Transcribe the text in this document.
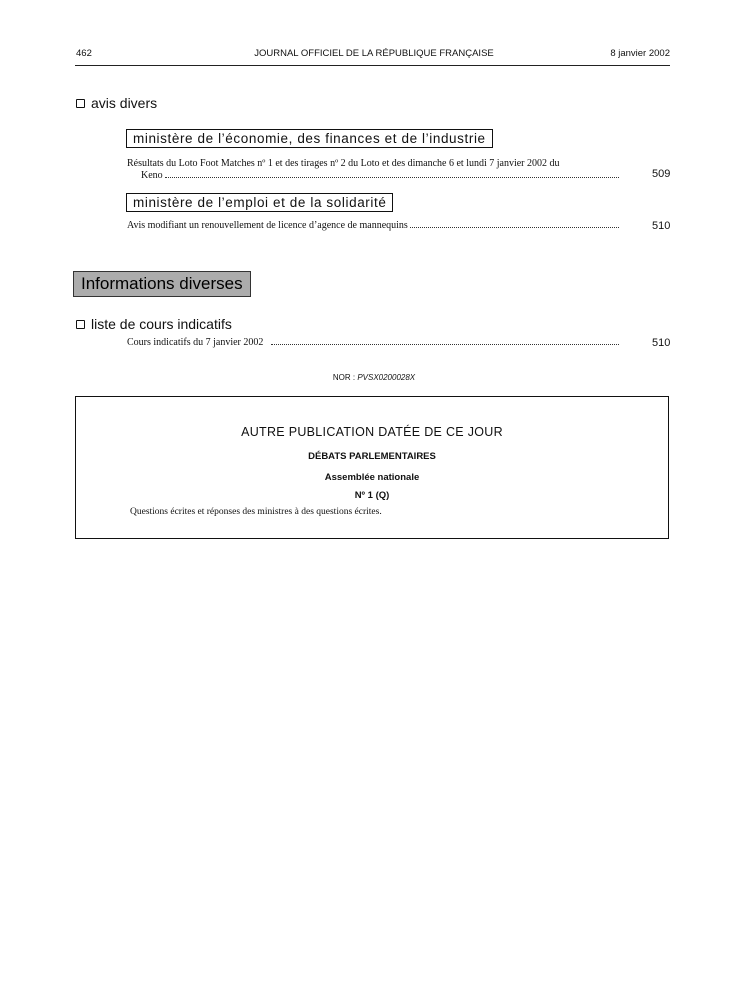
462	JOURNAL OFFICIEL DE LA RÉPUBLIQUE FRANÇAISE	8 janvier 2002
avis divers
ministère de l’économie, des finances et de l’industrie
Résultats du Loto Foot Matches nº 1 et des tirages nº 2 du Loto et des dimanche 6 et lundi 7 janvier 2002 du
Keno	509
ministère de l’emploi et de la solidarité
Avis modifiant un renouvellement de licence d’agence de mannequins	510
Informations diverses
liste de cours indicatifs
Cours indicatifs du 7 janvier 2002	510
NOR : PVSX0200028X
AUTRE PUBLICATION DATÉE DE CE JOUR
DÉBATS PARLEMENTAIRES
Assemblée nationale
Nº 1 (Q)
Questions écrites et réponses des ministres à des questions écrites.
